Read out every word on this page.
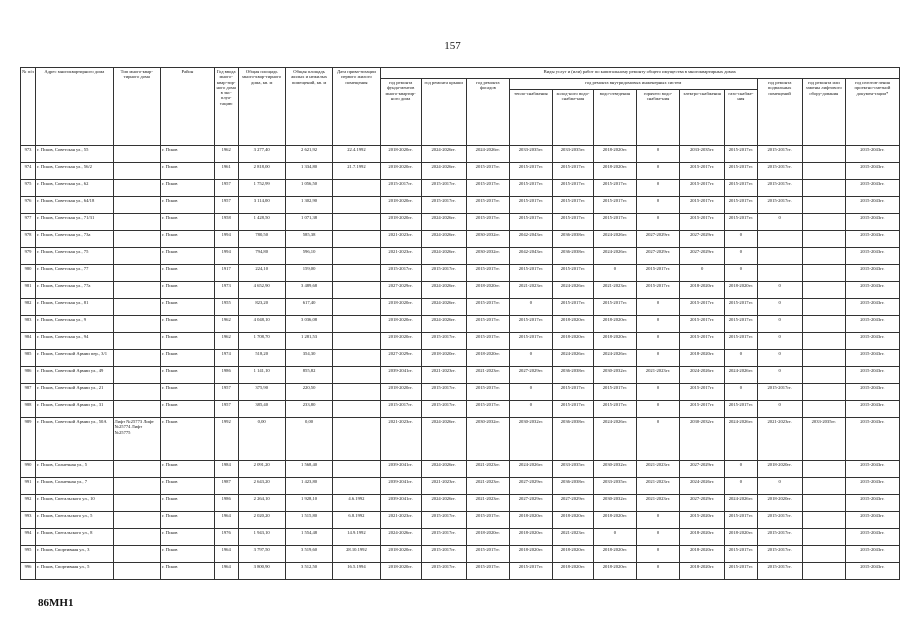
157
№ п/п	Адрес многоквартирного дома	Тип много-квар-тирного дома	Район	Год ввода много-квар-тир-ного дома в экс-плуа-тацию	Общая площадь много-квар-тирного дома, кв. м	Общая площадь жилых и нежилых помещений, кв. м	Дата прива-тизации первого жилого помещения	Виды услуг и (или) работ по капитальному ремонту общего имущества в многоквартирных домах											
								год ремонта фунда-ментов много-квартир-ного дома	год ремонта крыши	год ремонта фасадов	год ремонта внутридомовых инженерных систем						год ремонта подвальных помещений	год ремонта или замены лифтового обору-дования	год изготов-ления проектно-сметной докумен-тации*
											тепло-снабжения	холод-ного водо-снабже-ния	водо-отведения	горячего водо-снабже-ния	электро-снабжения	газо-снабже-ния			
973	г. Псков, Советская ул., 55		г. Псков	1962	3 277,40	2 621,92	22.4.1992	2018-2020гг.	2024-2026гг.	2024-2026гг.	2033-2035гг.	2033-2035гг.	2018-2020гг.	0	2033-2035гг.	2015-2017гг.	2015-2017гг.		2015-2043гг.
974	г. Псков, Советская ул., 56/2		г. Псков	1961	2 818,00	1 334,80	21.7.1992	2018-2020гг.	2024-2026гг.	2015-2017гг.	2015-2017гг.	2015-2017гг.	2018-2020гг.	0	2015-2017гг.	2015-2017гг.	2015-2017гг.		2015-2043гг.
975	г. Псков, Советская ул., 62		г. Псков	1957	1 752,99	1 056,50		2015-2017гг.	2015-2017гг.	2015-2017гг.	2015-2017гг.	2015-2017гг.	2015-2017гг.	0	2015-2017гг.	2015-2017гг.	2015-2017гг.		2015-2043гг.
976	г. Псков, Советская ул., 64/18		г. Псков	1957	3 114,00	1 302,90		2018-2020гг.	2015-2017гг.	2015-2017гг.	2015-2017гг.	2015-2017гг.	2015-2017гг.	0	2015-2017гг.	2015-2017гг.	2015-2017гг.		2015-2043гг.
977	г. Псков, Советская ул., 71/31		г. Псков	1958	1 428,50	1 071,38		2018-2020гг.	2024-2026гг.	2015-2017гг.	2015-2017гг.	2015-2017гг.	2015-2017гг.	0	2015-2017гг.	2015-2017гг.	0		2015-2043гг.
978	г. Псков, Советская ул., 73а		г. Псков	1994	780,50	585,38		2021-2023гг.	2024-2026гг.	2030-2032гг.	2042-2043гг.	2036-2038гг.	2024-2026гг.	2027-2029гг.	2027-2029гг.	0			2015-2043гг.
979	г. Псков, Советская ул., 75		г. Псков	1994	794,80	596,10		2021-2023гг.	2024-2026гг.	2030-2032гг.	2042-2043гг.	2036-2038гг.	2024-2026гг.	2027-2029гг.	2027-2029гг.	0			2015-2043гг.
980	г. Псков, Советская ул., 77		г. Псков	1917	224,10	159,00		2015-2017гг.	2015-2017гг.	2015-2017гг.	2015-2017гг.	2015-2017гг.	0	2015-2017гг.	0	0			2015-2043гг.
981	г. Псков, Советская ул., 77а		г. Псков	1973	4 652,90	3 489,68		2027-2029гг.	2024-2026гг.	2018-2020гг.	2021-2023гг.	2024-2026гг.	2021-2023гг.	2015-2017гг.	2018-2020гг.	2018-2020гг.	0		2015-2043гг.
982	г. Псков, Советская ул., 81		г. Псков	1955	823,20	617,40		2018-2020гг.	2024-2026гг.	2015-2017гг.	0	2015-2017гг.	2015-2017гг.	0	2015-2017гг.	2015-2017гг.	0		2015-2043гг.
983	г. Псков, Советская ул., 9		г. Псков	1962	4 048,10	3 036,08		2018-2020гг.	2024-2026гг.	2015-2017гг.	2015-2017гг.	2018-2020гг.	2018-2020гг.	0	2015-2017гг.	2015-2017гг.	0		2015-2043гг.
984	г. Псков, Советская ул., 94		г. Псков	1962	1 708,70	1 281,53		2018-2020гг.	2015-2017гг.	2015-2017гг.	2015-2017гг.	2018-2020гг.	2018-2020гг.	0	2015-2017гг.	2015-2017гг.	0		2015-2043гг.
985	г. Псков, Советской Армии пер., 3/1		г. Псков	1974	518,20	354,30		2027-2029гг.	2018-2020гг.	2018-2020гг.	0	2024-2026гг.	2024-2026гг.	0	2018-2020гг.	0	0		2015-2043гг.
986	г. Псков, Советской Армии ул., 49		г. Псков	1986	1 141,10	855,82		2039-2041гг.	2021-2023гг.	2021-2023гг.	2027-2029гг.	2036-2038гг.	2030-2032гг.	2021-2023гг.	2024-2026гг.	2024-2026гг.	0		2015-2043гг.
987	г. Псков, Советской Армии ул., 21		г. Псков	1957	375,90	220,50		2018-2020гг.	2015-2017гг.	2015-2017гг.	0	2015-2017гг.	2015-2017гг.	0	2015-2017гг.	0	2015-2017гг.		2015-2043гг.
988	г. Псков, Советской Армии ул., 31		г. Псков	1957	385,40	233,80		2015-2017гг.	2015-2017гг.	2015-2017гг.	0	2015-2017гг.	2015-2017гг.	0	2015-2017гг.	2015-2017гг.	0		2015-2043гг.
989	г. Псков, Советской Армии ул., 50А	Лифт №25773 Лифт №25774 Лифт №25775	г. Псков	1992	0,00	0,00		2021-2023гг.	2024-2026гг.	2030-2032гг.	2030-2032гг.	2036-2038гг.	2024-2026гг.	0	2030-2032гг.	2024-2026гг.	2021-2023гг.	2033-2035гг.	2015-2043гг.
990	г. Псков, Солнечная ул., 5		г. Псков	1984	2 091,20	1 568,40		2039-2041гг.	2024-2026гг.	2021-2023гг.	2024-2026гг.	2033-2035гг.	2030-2032гг.	2021-2023гг.	2027-2029гг.	0	2018-2020гг.		2015-2043гг.
991	г. Псков, Солнечная ул., 7		г. Псков	1987	2 643,20	1 423,80		2039-2041гг.	2021-2023гг.	2021-2023гг.	2027-2029гг.	2036-2038гг.	2033-2035гг.	2021-2023гг.	2024-2026гг.	0	0		2015-2043гг.
992	г. Псков, Спегальского ул., 10		г. Псков	1986	2 264,10	1 928,10	4.6.1992	2039-2041гг.	2024-2026гг.	2021-2023гг.	2027-2029гг.	2027-2029гг.	2030-2032гг.	2021-2023гг.	2027-2029гг.	2024-2026гг.	2018-2020гг.		2015-2043гг.
993	г. Псков, Спегальского ул., 5		г. Псков	1964	2 020,20	1 515,80	6.8.1992	2021-2023гг.	2015-2017гг.	2015-2017гг.	2018-2020гг.	2018-2020гг.	2018-2020гг.	0	2015-2020гг.	2015-2017гг.	2015-2017гг.		2015-2043гг.
994	г. Псков, Спегальского ул., 8		г. Псков	1976	1 943,10	1 554,48	14.9.1992	2024-2026гг.	2015-2017гг.	2018-2020гг.	2018-2020гг.	2021-2023гг.	0	0	2018-2020гг.	2018-2020гг.	2015-2017гг.		2015-2043гг.
995	г. Псков, Спортивная ул., 3		г. Псков	1964	3 797,50	3 519,60	28.10.1992	2018-2020гг.	2015-2017гг.	2015-2017гг.	2018-2020гг.	2018-2020гг.	2018-2020гг.	0	2018-2020гг.	2015-2017гг.	2015-2017гг.		2015-2043гг.
996	г. Псков, Спортивная ул., 5		г. Псков	1964	3 800,90	3 512,50	16.5.1994	2018-2020гг.	2015-2017гг.	2015-2017гг.	2015-2017гг.	2018-2020гг.	2018-2020гг.	0	2018-2020гг.	2015-2017гг.	2015-2017гг.		2015-2043гг.
86МН1
